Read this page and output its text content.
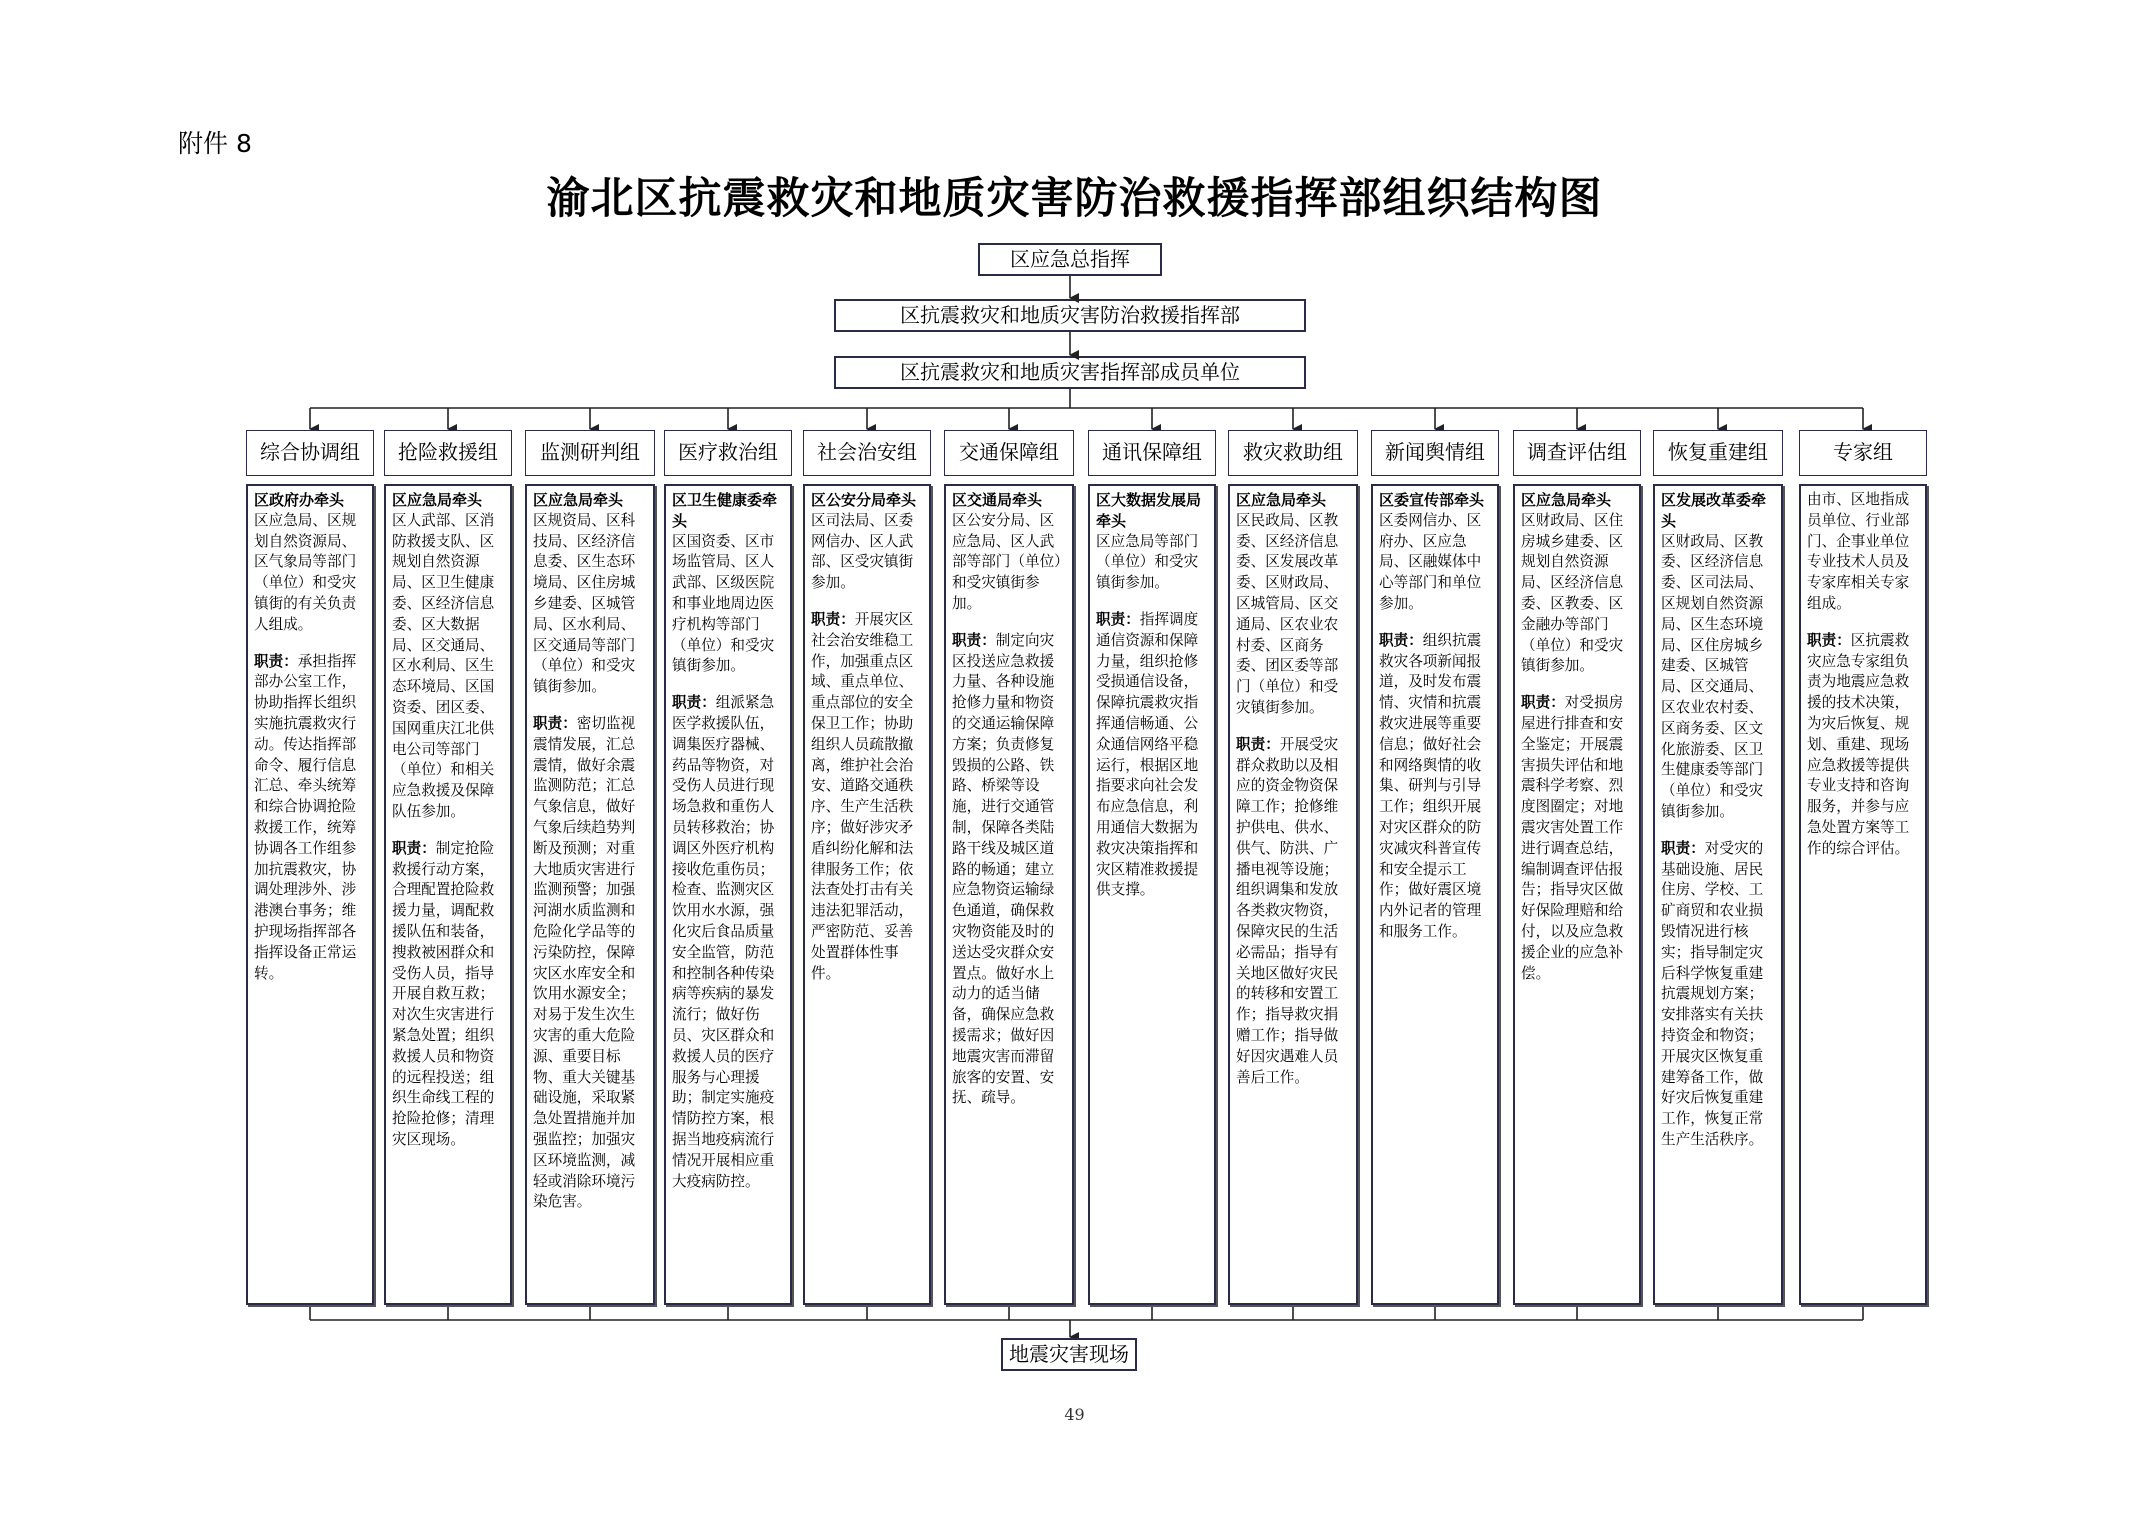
附件 8
渝北区抗震救灾和地质灾害防治救援指挥部组织结构图
区应急总指挥
区抗震救灾和地质灾害防治救援指挥部
区抗震救灾和地质灾害指挥部成员单位
综合协调组
区政府办牵头
区应急局、区规划自然资源局、区气象局等部门（单位）和受灾镇街的有关负责人组成。
职责：承担指挥部办公室工作，协助指挥长组织实施抗震救灾行动。传达指挥部命令、履行信息汇总、牵头统筹和综合协调抢险救援工作，统筹协调各工作组参加抗震救灾，协调处理涉外、涉港澳台事务；维护现场指挥部各指挥设备正常运转。
抢险救援组
区应急局牵头
区人武部、区消防救援支队、区规划自然资源局、区卫生健康委、区经济信息委、区大数据局、区交通局、区水利局、区生态环境局、区国资委、团区委、国网重庆江北供电公司等部门（单位）和相关应急救援及保障队伍参加。
职责：制定抢险救援行动方案，合理配置抢险救援力量，调配救援队伍和装备，搜救被困群众和受伤人员，指导开展自救互救；对次生灾害进行紧急处置；组织救援人员和物资的远程投送；组织生命线工程的抢险抢修；清理灾区现场。
监测研判组
区应急局牵头
区规资局、区科技局、区经济信息委、区生态环境局、区住房城乡建委、区城管局、区水利局、区交通局等部门（单位）和受灾镇街参加。
职责：密切监视震情发展，汇总震情，做好余震监测防范；汇总气象信息，做好气象后续趋势判断及预测；对重大地质灾害进行监测预警；加强河湖水质监测和危险化学品等的污染防控，保障灾区水库安全和饮用水源安全；对易于发生次生灾害的重大危险源、重要目标物、重大关键基础设施，采取紧急处置措施并加强监控；加强灾区环境监测，减轻或消除环境污染危害。
医疗救治组
区卫生健康委牵头
区国资委、区市场监管局、区人武部、区级医院和事业地周边医疗机构等部门（单位）和受灾镇街参加。
职责：组派紧急医学救援队伍，调集医疗器械、药品等物资，对受伤人员进行现场急救和重伤人员转移救治；协调区外医疗机构接收危重伤员；检查、监测灾区饮用水水源，强化灾后食品质量安全监管，防范和控制各种传染病等疾病的暴发流行；做好伤员、灾区群众和救援人员的医疗服务与心理援助；制定实施疫情防控方案，根据当地疫病流行情况开展相应重大疫病防控。
社会治安组
区公安分局牵头
区司法局、区委网信办、区人武部、区受灾镇街参加。
职责：开展灾区社会治安维稳工作，加强重点区域、重点单位、重点部位的安全保卫工作；协助组织人员疏散撤离，维护社会治安、道路交通秩序、生产生活秩序；做好涉灾矛盾纠纷化解和法律服务工作；依法查处打击有关违法犯罪活动，严密防范、妥善处置群体性事件。
交通保障组
区交通局牵头
区公安分局、区应急局、区人武部等部门（单位）和受灾镇街参加。
职责：制定向灾区投送应急救援力量、各种设施抢修力量和物资的交通运输保障方案；负责修复毁损的公路、铁路、桥梁等设施，进行交通管制，保障各类陆路干线及城区道路的畅通；建立应急物资运输绿色通道，确保救灾物资能及时的送达受灾群众安置点。做好水上动力的适当储备，确保应急救援需求；做好因地震灾害而滞留旅客的安置、安抚、疏导。
通讯保障组
区大数据发展局牵头
区应急局等部门（单位）和受灾镇街参加。
职责：指挥调度通信资源和保障力量，组织抢修受损通信设备，保障抗震救灾指挥通信畅通、公众通信网络平稳运行，根据区地指要求向社会发布应急信息，利用通信大数据为救灾决策指挥和灾区精准救援提供支撑。
救灾救助组
区应急局牵头
区民政局、区教委、区经济信息委、区发展改革委、区财政局、区城管局、区交通局、区农业农村委、区商务委、团区委等部门（单位）和受灾镇街参加。
职责：开展受灾群众救助以及相应的资金物资保障工作；抢修维护供电、供水、供气、防洪、广播电视等设施；组织调集和发放各类救灾物资，保障灾民的生活必需品；指导有关地区做好灾民的转移和安置工作；指导救灾捐赠工作；指导做好因灾遇难人员善后工作。
新闻舆情组
区委宣传部牵头
区委网信办、区府办、区应急局、区融媒体中心等部门和单位参加。
职责：组织抗震救灾各项新闻报道，及时发布震情、灾情和抗震救灾进展等重要信息；做好社会和网络舆情的收集、研判与引导工作；组织开展对灾区群众的防灾减灾科普宣传和安全提示工作；做好震区境内外记者的管理和服务工作。
调查评估组
区应急局牵头
区财政局、区住房城乡建委、区规划自然资源局、区经济信息委、区教委、区金融办等部门（单位）和受灾镇街参加。
职责：对受损房屋进行排查和安全鉴定；开展震害损失评估和地震科学考察、烈度图圈定；对地震灾害处置工作进行调查总结，编制调查评估报告；指导灾区做好保险理赔和给付，以及应急救援企业的应急补偿。
恢复重建组
区发展改革委牵头
区财政局、区教委、区经济信息委、区司法局、区规划自然资源局、区生态环境局、区住房城乡建委、区城管局、区交通局、区农业农村委、区商务委、区文化旅游委、区卫生健康委等部门（单位）和受灾镇街参加。
职责：对受灾的基础设施、居民住房、学校、工矿商贸和农业损毁情况进行核实；指导制定灾后科学恢复重建抗震规划方案；安排落实有关扶持资金和物资；开展灾区恢复重建筹备工作，做好灾后恢复重建工作，恢复正常生产生活秩序。
专家组
由市、区地指成员单位、行业部门、企事业单位专业技术人员及专家库相关专家组成。
职责：区抗震救灾应急专家组负责为地震应急救援的技术决策，为灾后恢复、规划、重建、现场应急救援等提供专业支持和咨询服务，并参与应急处置方案等工作的综合评估。
地震灾害现场
49
